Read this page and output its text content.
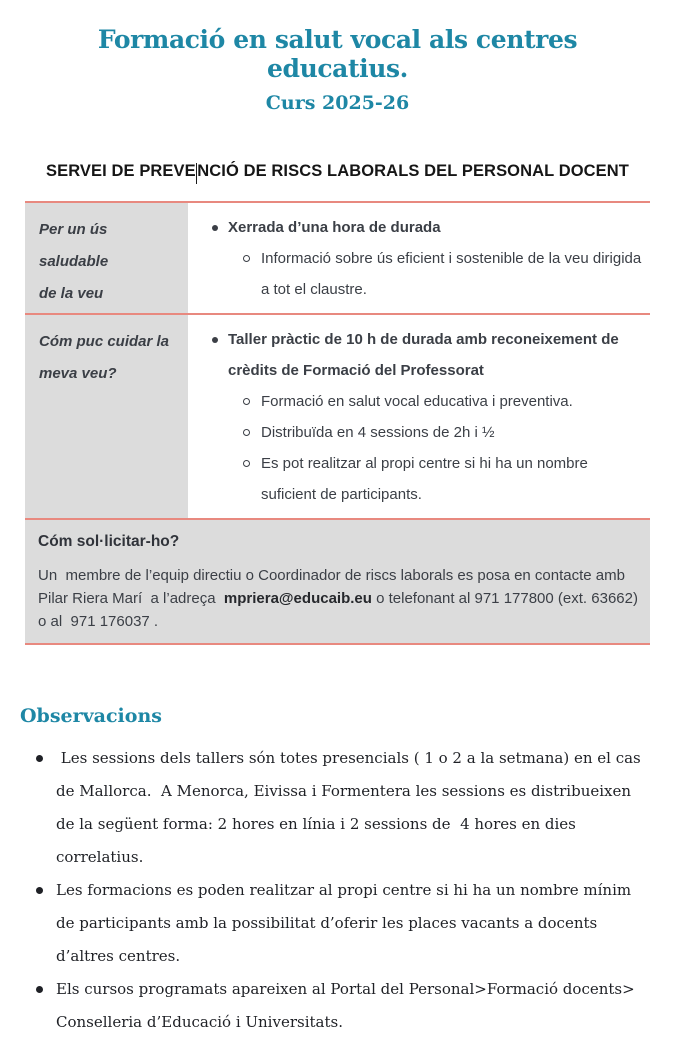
Formació en salut vocal als centres educatius.
Curs 2025-26
SERVEI DE PREVENCIÓ DE RISCS LABORALS DEL PERSONAL DOCENT
Per un ús saludable
de la veu
Xerrada d’una hora de durada
Informació sobre ús eficient i sostenible de la veu dirigida a tot el claustre.
Cóm puc cuidar la
meva veu?
Taller pràctic de 10 h de durada amb reconeixement de crèdits de Formació del Professorat
Formació en salut vocal educativa i preventiva.
Distribuïda en 4 sessions de 2h i ½
Es pot realitzar al propi centre si hi ha un nombre suficient de participants.
Cóm sol·licitar-ho?

Un  membre de l’equip directiu o Coordinador de riscs laborals es posa en contacte amb Pilar Riera Marí  a l’adreça  mpriera@educaib.eu o telefonant al 971 177800 (ext. 63662)  o al  971 176037 .

Observacions
Les sessions dels tallers són totes presencials ( 1 o 2 a la setmana) en el cas de Mallorca.  A Menorca, Eivissa i Formentera les sessions es distribueixen de la següent forma: 2 hores en línia i 2 sessions de  4 hores en dies correlatius.
Les formacions es poden realitzar al propi centre si hi ha un nombre mínim de participants amb la possibilitat d’oferir les places vacants a docents d’altres centres.
Els cursos programats apareixen al Portal del Personal>Formació docents> Conselleria d’Educació i Universitats.
